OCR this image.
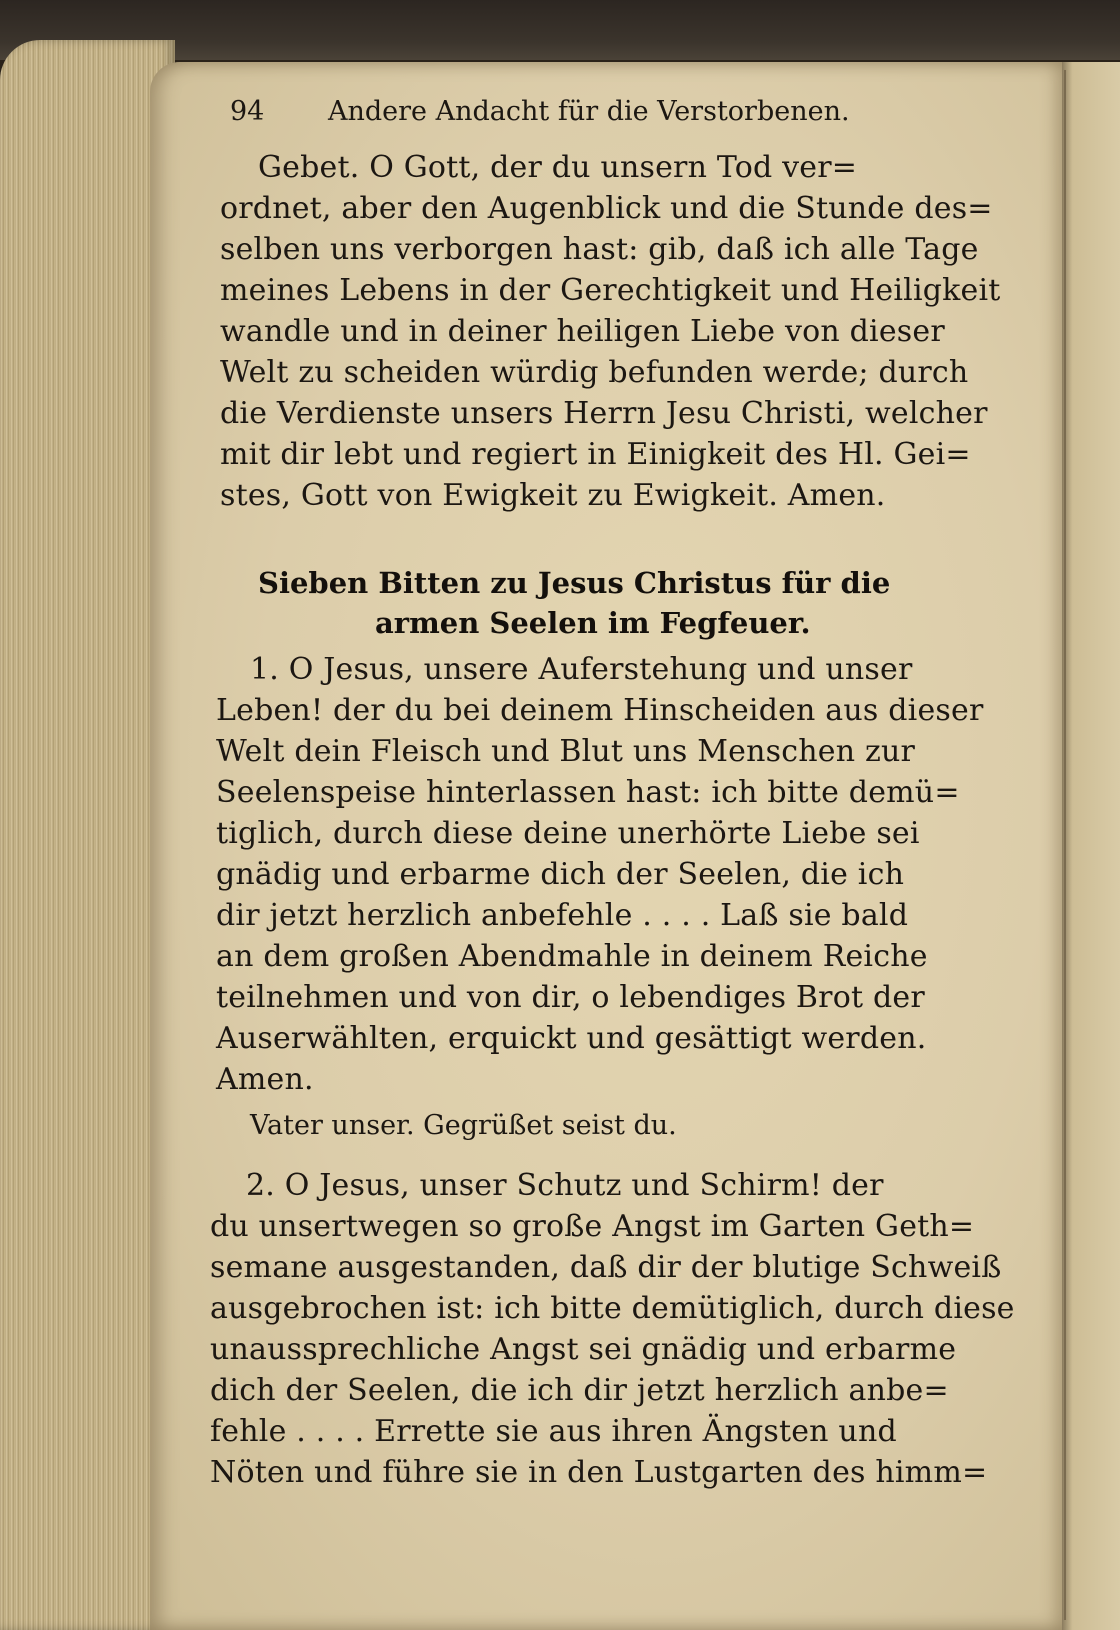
94 Andere Andacht für die Verstorbenen.
Gebet. O Gott, der du unsern Tod ver=
ordnet, aber den Augenblick und die Stunde des=
selben uns verborgen hast: gib, daß ich alle Tage
meines Lebens in der Gerechtigkeit und Heiligkeit
wandle und in deiner heiligen Liebe von dieser
Welt zu scheiden würdig befunden werde; durch
die Verdienste unsers Herrn Jesu Christi, welcher
mit dir lebt und regiert in Einigkeit des Hl. Gei=
stes, Gott von Ewigkeit zu Ewigkeit. Amen.
Sieben Bitten zu Jesus Christus für die
armen Seelen im Fegfeuer.
1. O Jesus, unsere Auferstehung und unser
Leben! der du bei deinem Hinscheiden aus dieser
Welt dein Fleisch und Blut uns Menschen zur
Seelenspeise hinterlassen hast: ich bitte demü=
tiglich, durch diese deine unerhörte Liebe sei
gnädig und erbarme dich der Seelen, die ich
dir jetzt herzlich anbefehle . . . . Laß sie bald
an dem großen Abendmahle in deinem Reiche
teilnehmen und von dir, o lebendiges Brot der
Auserwählten, erquickt und gesättigt werden.
Amen.
Vater unser. Gegrüßet seist du.
2. O Jesus, unser Schutz und Schirm! der
du unsertwegen so große Angst im Garten Geth=
semane ausgestanden, daß dir der blutige Schweiß
ausgebrochen ist: ich bitte demütiglich, durch diese
unaussprechliche Angst sei gnädig und erbarme
dich der Seelen, die ich dir jetzt herzlich anbe=
fehle . . . . Errette sie aus ihren Ängsten und
Nöten und führe sie in den Lustgarten des himm=
